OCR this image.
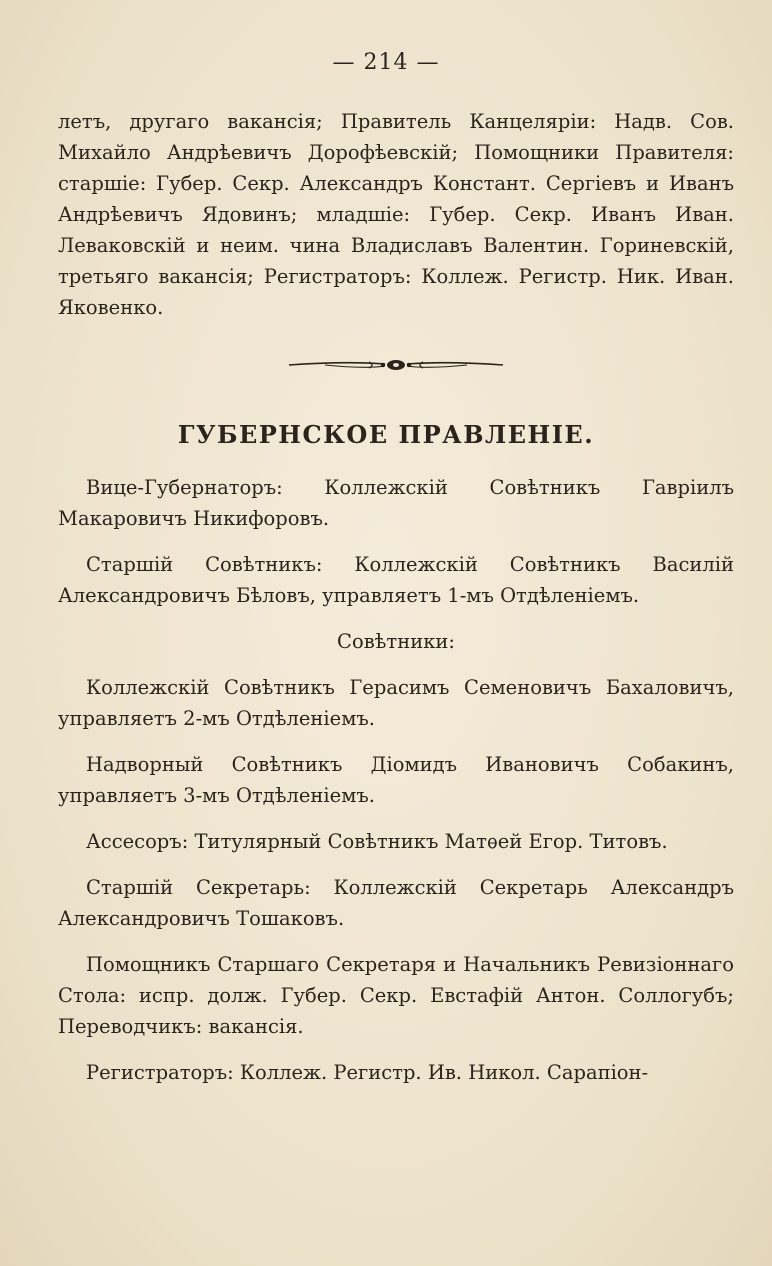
— 214 —

летъ, другаго вакансія; Правитель Канцеляріи: Надв. Сов. Михайло Андрѣевичъ Дорофѣевскій; Помощники Правителя: старшіе: Губер. Секр. Александръ Констант. Сергіевъ и Иванъ Андрѣевичъ Ядовинъ; младшіе: Губер. Секр. Иванъ Иван. Леваковскій и неим. чина Владиславъ Валентин. Гориневскій, третьяго вакансія; Регистраторъ: Коллеж. Регистр. Ник. Иван. Яковенко.

ГУБЕРНСКОЕ ПРАВЛЕНІЕ.

Вице-Губернаторъ: Коллежскій Совѣтникъ Гавріилъ Макаровичъ Никифоровъ.

Старшій Совѣтникъ: Коллежскій Совѣтникъ Василій Александровичъ Бѣловъ, управляетъ 1-мъ Отдѣленіемъ.

Совѣтники:

Коллежскій Совѣтникъ Герасимъ Семеновичъ Бахаловичъ, управляетъ 2-мъ Отдѣленіемъ.

Надворный Совѣтникъ Діомидъ Ивановичъ Собакинъ, управляетъ 3-мъ Отдѣленіемъ.

Ассесоръ: Титулярный Совѣтникъ Матѳей Егор. Титовъ.

Старшій Секретарь: Коллежскій Секретарь Александръ Александровичъ Тошаковъ.

Помощникъ Старшаго Секретаря и Начальникъ Ревизіоннаго Стола: испр. долж. Губер. Секр. Евстафій Антон. Соллогубъ; Переводчикъ: вакансія.

Регистраторъ: Коллеж. Регистр. Ив. Никол. Сарапіон-
